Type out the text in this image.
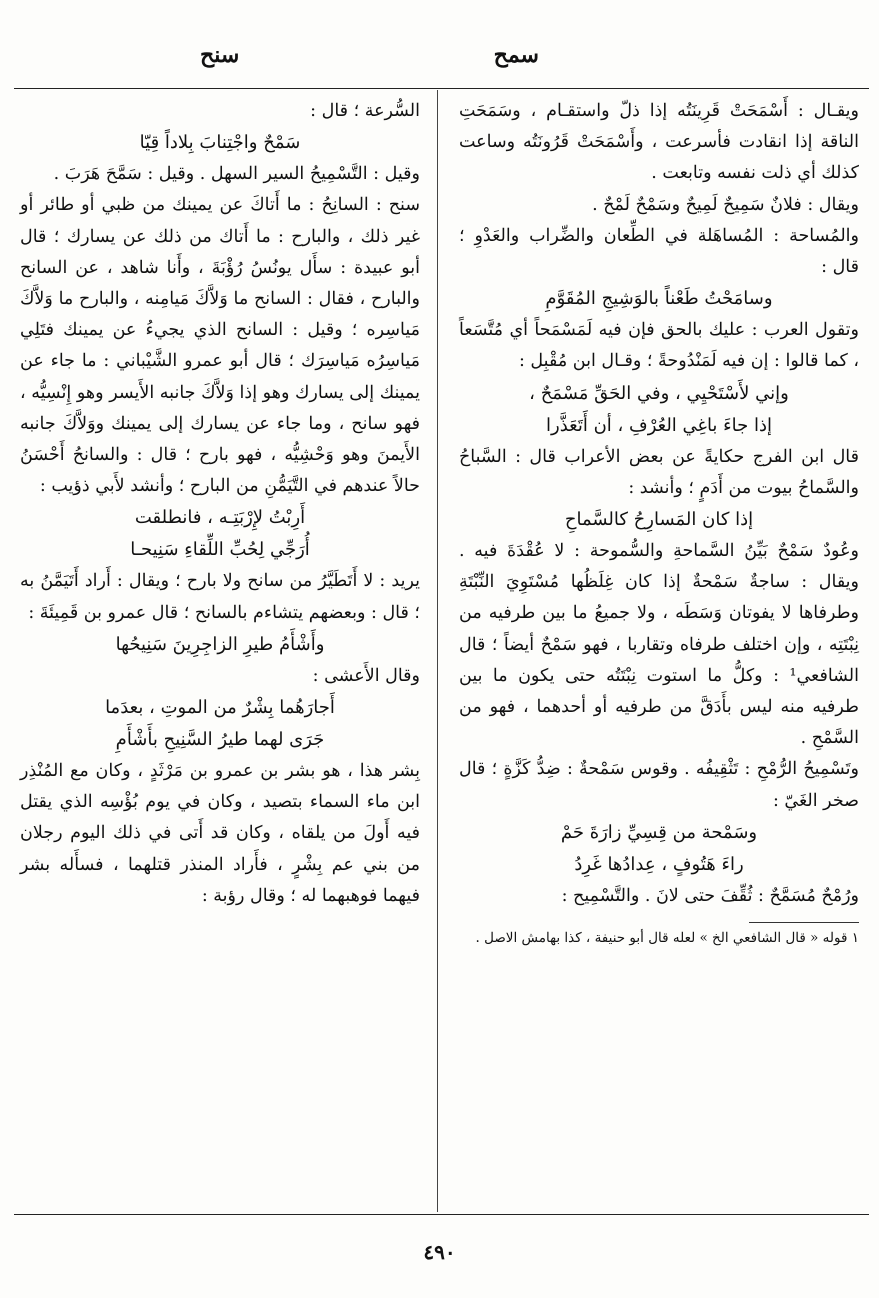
سمح
سنح

ويقـال : أَسْمَحَتْ قَرِينَتُه إذا ذلّ واستقـام ، وسَمَحَتِ الناقة إذا انقادت فأسرعت ، وأَسْمَحَتْ قَرُونَتُه وساعت كذلك أي ذلت نفسه وتابعت .

ويقال : فلانٌ سَمِيحٌ لَمِيحٌ وسَمْحٌ لَمْحٌ .

والمُساحة : المُساهَلة في الطِّعان والضِّراب والعَدْوِ ؛ قال :

وسامَحْتُ طَعْناً بالوَشِيجِ المُقَوَّمِ

وتقول العرب : عليك بالحق فإن فيه لَمَسْمَحاً أي مُتَّسَعاً ، كما قالوا : إن فيه لَمَنْدُوحةً ؛ وقـال ابن مُقْبِل :

وإني لأَسْتَحْيِي ، وفي الحَقِّ مَسْمَحٌ ،

إذا جاءَ باغِي العُرْفِ ، أن أَتَعَذَّرا

قال ابن الفرج حكايةً عن بعض الأعراب قال : السَّباحُ والسَّماحُ بيوت من أَدَمٍ ؛ وأنشد :

إذا كان المَسارِحُ كالسَّماحِ

وعُودٌ سَمْحٌ بَيِّنُ السَّماحةِ والسُّموحة : لا عُقْدَةَ فيه . ويقال : ساجةٌ سَمْحةٌ إذا كان غِلَظُها مُسْتَوِيَ النِّبْتَةِ وطرفاها لا يفوتان وَسَطَه ، ولا جميعُ ما بين طرفيه من نِبْتَتِه ، وإن اختلف طرفاه وتقاربا ، فهو سَمْحٌ أيضاً ؛ قال الشافعي¹ : وكلُّ ما استوت نِبْتَتُه حتى يكون ما بين طرفيه منه ليس بأَدَقَّ من طرفيه أو أحدهما ، فهو من السَّمْحِ .

وتَسْمِيحُ الرُّمْحِ : تَثْقِيفُه . وقوس سَمْحةٌ : ضِدُّ كَزَّةٍ ؛ قال صخر الغَيّ :

وسَمْحة من قِسِيِّ زارَةَ حَمْ

راءَ هَتُوفٍ ، عِدادُها غَرِدُ

ورُمْحٌ مُسَمَّحٌ : ثُقِّفَ حتى لانَ . والتَّسْمِيح :

١ قوله « قال الشافعي الخ » لعله قال أبو حنيفة ، كذا بهامش الاصل .

السُّرعة ؛ قال :

سَمْحٌ واجْتِنابَ بِلاداً قِيّا

وقيل : التَّسْمِيحُ السير السهل . وقيل : سَمَّحَ هَرَبَ .

سنح : السانِحُ : ما أَتاكَ عن يمينك من ظبي أو طائر أو غير ذلك ، والبارح : ما أَتاك من ذلك عن يسارك ؛ قال أبو عبيدة : سأَل يونُسُ رُؤْبَةَ ، وأَنا شاهد ، عن السانح والبارح ، فقال : السانح ما وَلاَّكَ مَيامِنه ، والبارح ما وَلاَّكَ مَياسِره ؛ وقيل : السانح الذي يجيءُ عن يمينك فتَلِي مَياسِرُه مَياسِرَك ؛ قال أبو عمرو الشَّيْباني : ما جاء عن يمينك إلى يسارك وهو إذا وَلاَّكَ جانبه الأَيسر وهو إِنْسِيُّه ، فهو سانح ، وما جاء عن يسارك إلى يمينك ووَلاَّكَ جانبه الأَيمنَ وهو وَحْشِيُّه ، فهو بارح ؛ قال : والسانحُ أَحْسَنُ حالاً عندهم في التَّيَمُّنِ من البارح ؛ وأنشد لأَبي ذؤيب :

أَرِبْتُ لإِرْبَتِـه ، فانطلقت

أُرَجِّي لِحُبِّ اللِّقاءِ سَنِيحـا

يريد : لا أَتَطَيَّرُ من سانح ولا بارح ؛ ويقال : أَراد أَتَيَمَّنُ به ؛ قال : وبعضهم يتشاءم بالسانح ؛ قال عمرو بن قَمِيئَةَ :

وأَشْأَمُ طيرِ الزاجِرِينَ سَنِيحُها

وقال الأَعشى :

أَجارَهُما بِشْرٌ من الموتِ ، بعدَما

جَرَى لهما طيرُ السَّنِيحِ بأَشْأَمِ

بِشر هذا ، هو بشر بن عمرو بن مَرْثَدٍ ، وكان مع المُنْذِر ابن ماء السماء بتصيد ، وكان في يوم بُؤْسِه الذي يقتل فيه أَولَ من يلقاه ، وكان قد أَتى في ذلك اليوم رجلان من بني عم بِشْرٍ ، فأَراد المنذر قتلهما ، فسأَله بشر فيهما فوهبهما له ؛ وقال رؤبة :

٤٩٠
